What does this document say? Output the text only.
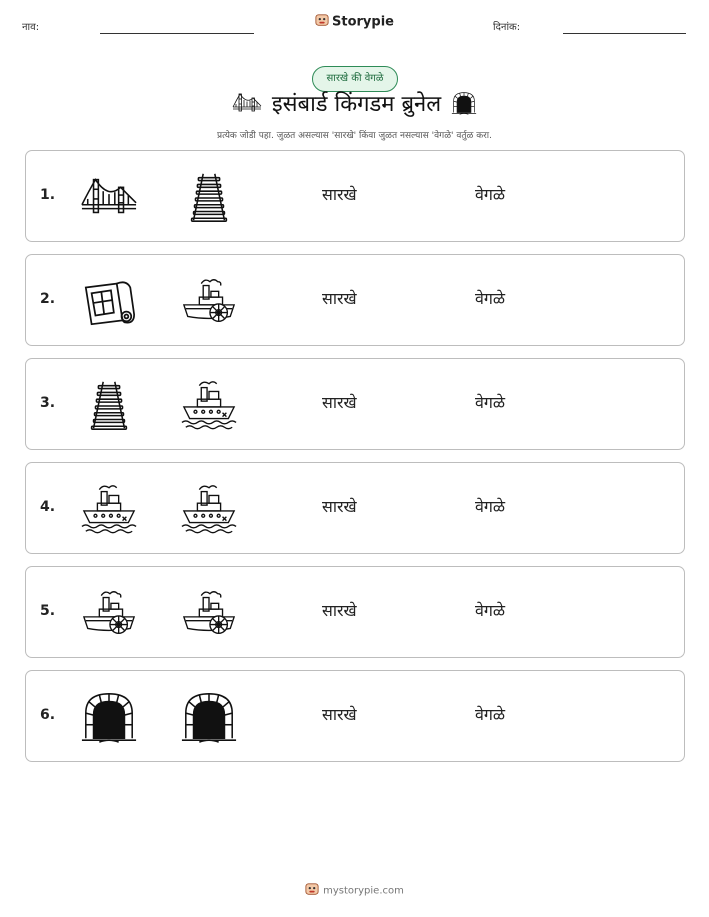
नाव:	Storypie	दिनांक:
सारखे की वेगळे
इसंबार्ड किंगडम ब्रुनेल
प्रत्येक जोडी पहा. जुळत असल्यास 'सारखे' किंवा जुळत नसल्यास 'वेगळे' वर्तुळ करा.
1.	सारखे	वेगळे
2.	सारखे	वेगळे
3.	सारखे	वेगळे
4.	सारखे	वेगळे
5.	सारखे	वेगळे
6.	सारखे	वेगळे
mystorypie.com
